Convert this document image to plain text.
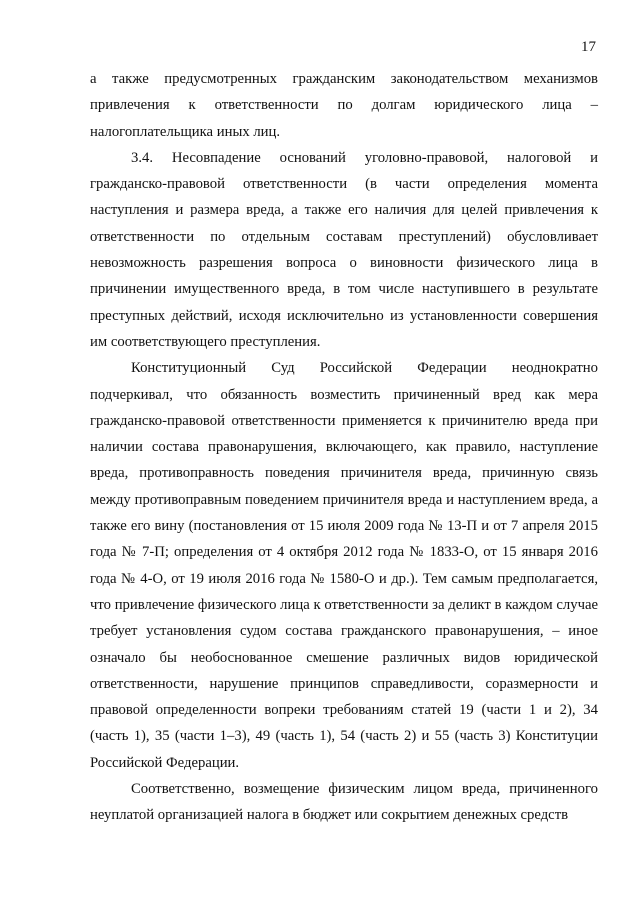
17

а также предусмотренных гражданским законодательством механизмов привлечения к ответственности по долгам юридического лица – налогоплательщика иных лиц.

3.4. Несовпадение оснований уголовно-правовой, налоговой и гражданско-правовой ответственности (в части определения момента наступления и размера вреда, а также его наличия для целей привлечения к ответственности по отдельным составам преступлений) обусловливает невозможность разрешения вопроса о виновности физического лица в причинении имущественного вреда, в том числе наступившего в результате преступных действий, исходя исключительно из установленности совершения им соответствующего преступления.

Конституционный Суд Российской Федерации неоднократно подчеркивал, что обязанность возместить причиненный вред как мера гражданско-правовой ответственности применяется к причинителю вреда при наличии состава правонарушения, включающего, как правило, наступление вреда, противоправность поведения причинителя вреда, причинную связь между противоправным поведением причинителя вреда и наступлением вреда, а также его вину (постановления от 15 июля 2009 года № 13-П и от 7 апреля 2015 года № 7-П; определения от 4 октября 2012 года № 1833-О, от 15 января 2016 года № 4-О, от 19 июля 2016 года № 1580-О и др.). Тем самым предполагается, что привлечение физического лица к ответственности за деликт в каждом случае требует установления судом состава гражданского правонарушения, – иное означало бы необоснованное смешение различных видов юридической ответственности, нарушение принципов справедливости, соразмерности и правовой определенности вопреки требованиям статей 19 (части 1 и 2), 34 (часть 1), 35 (части 1–3), 49 (часть 1), 54 (часть 2) и 55 (часть 3) Конституции Российской Федерации.

Соответственно, возмещение физическим лицом вреда, причиненного неуплатой организацией налога в бюджет или сокрытием денежных средств
